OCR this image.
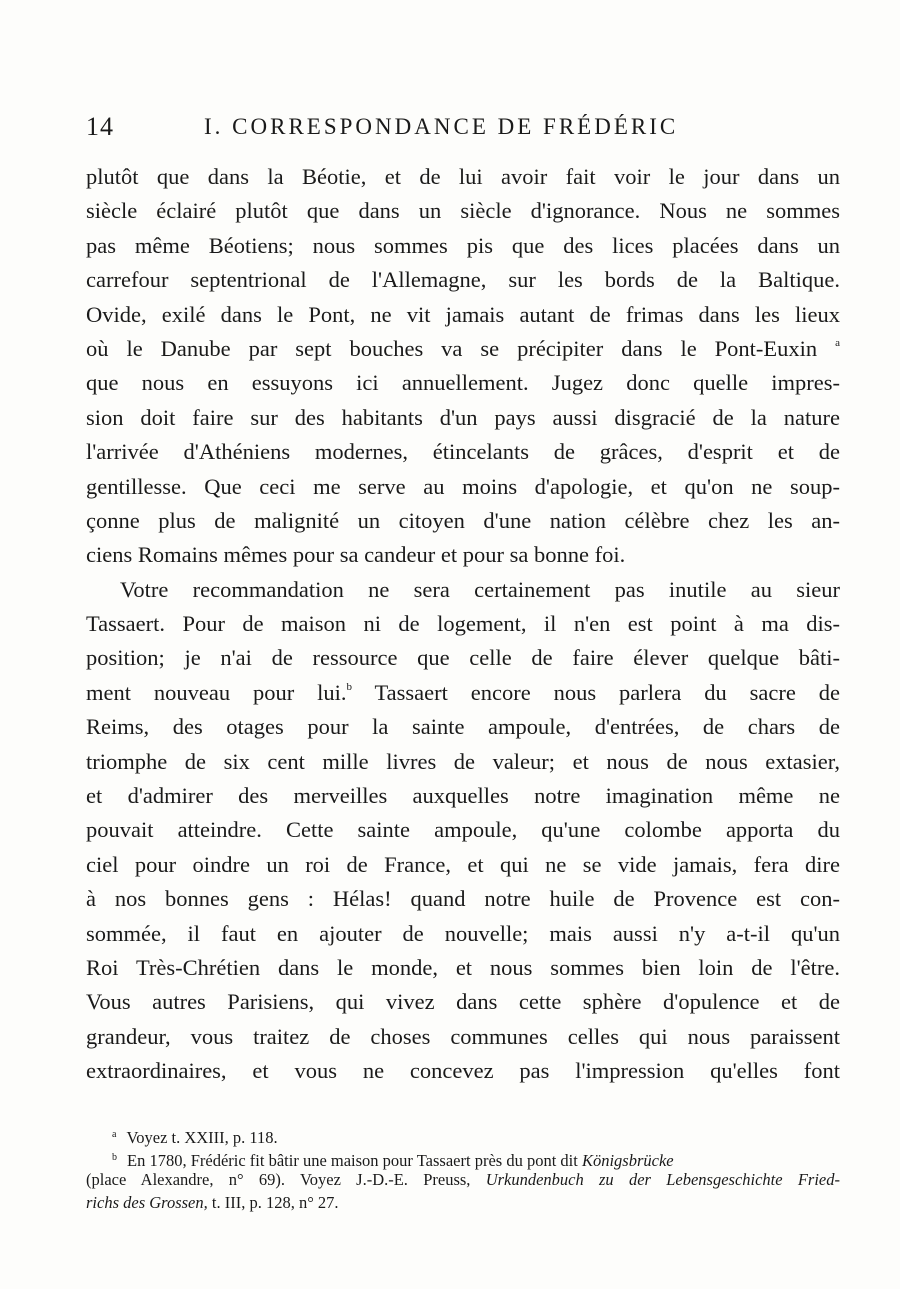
14	I. CORRESPONDANCE DE FRÉDÉRIC
plutôt que dans la Béotie, et de lui avoir fait voir le jour dans un
siècle éclairé plutôt que dans un siècle d'ignorance. Nous ne sommes
pas même Béotiens; nous sommes pis que des lices placées dans un
carrefour septentrional de l'Allemagne, sur les bords de la Baltique.
Ovide, exilé dans le Pont, ne vit jamais autant de frimas dans les lieux
où le Danube par sept bouches va se précipiter dans le Pont-Euxin $^a$
que nous en essuyons ici annuellement. Jugez donc quelle impres-
sion doit faire sur des habitants d'un pays aussi disgracié de la nature
l'arrivée d'Athéniens modernes, étincelants de grâces, d'esprit et de
gentillesse. Que ceci me serve au moins d'apologie, et qu'on ne soup-
çonne plus de malignité un citoyen d'une nation célèbre chez les an-
ciens Romains mêmes pour sa candeur et pour sa bonne foi.
Votre recommandation ne sera certainement pas inutile au sieur
Tassaert. Pour de maison ni de logement, il n'en est point à ma dis-
position; je n'ai de ressource que celle de faire élever quelque bâti-
ment nouveau pour lui.$^b$ Tassaert encore nous parlera du sacre de
Reims, des otages pour la sainte ampoule, d'entrées, de chars de
triomphe de six cent mille livres de valeur; et nous de nous extasier,
et d'admirer des merveilles auxquelles notre imagination même ne
pouvait atteindre. Cette sainte ampoule, qu'une colombe apporta du
ciel pour oindre un roi de France, et qui ne se vide jamais, fera dire
à nos bonnes gens : Hélas! quand notre huile de Provence est con-
sommée, il faut en ajouter de nouvelle; mais aussi n'y a-t-il qu'un
Roi Très-Chrétien dans le monde, et nous sommes bien loin de l'être.
Vous autres Parisiens, qui vivez dans cette sphère d'opulence et de
grandeur, vous traitez de choses communes celles qui nous paraissent
extraordinaires, et vous ne concevez pas l'impression qu'elles font
$^a$ Voyez t. XXIII, p. 118.
$^b$ En 1780, Frédéric fit bâtir une maison pour Tassaert près du pont dit Königsbrücke
(place Alexandre, n° 69). Voyez J.-D.-E. Preuss, Urkundenbuch zu der Lebensgeschichte Fried-
richs des Grossen, t. III, p. 128, n° 27.
